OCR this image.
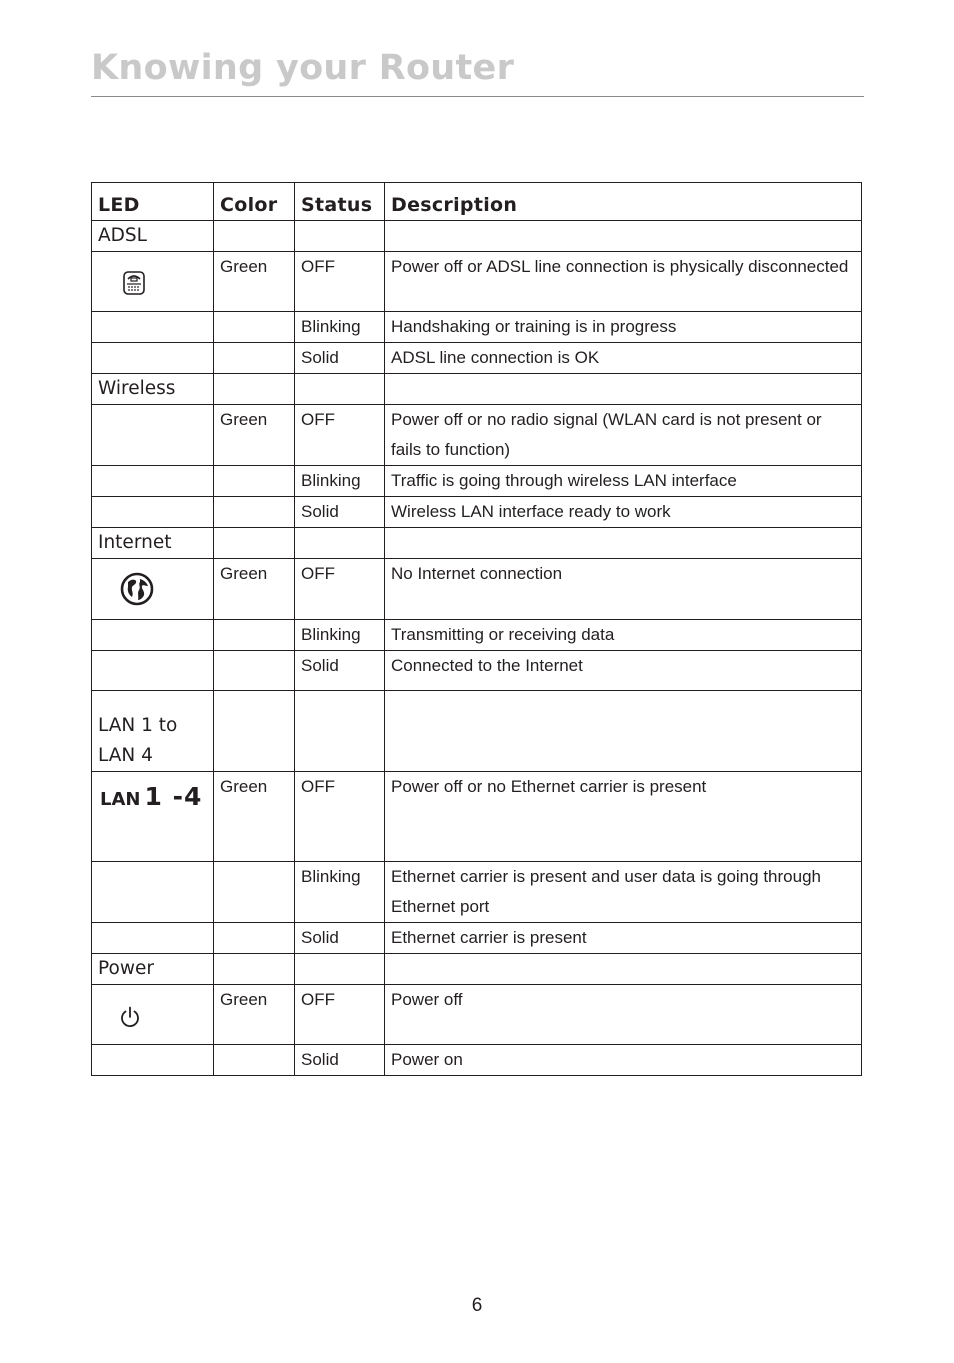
Knowing your Router
LED	Color	Status	Description
ADSL			
	Green	OFF	Power off or ADSL line connection is physically disconnected
		Blinking	Handshaking or training is in progress
		Solid	ADSL line connection is OK
Wireless			
	Green	OFF	Power off or no radio signal (WLAN card is not present or fails to function)
		Blinking	Traffic is going through wireless LAN interface
		Solid	Wireless LAN interface ready to work
Internet			
	Green	OFF	No Internet connection
		Blinking	Transmitting or receiving data
		Solid	Connected to the Internet
LAN 1 to LAN 4			
LAN 1 -4	Green	OFF	Power off or no Ethernet carrier is present
		Blinking	Ethernet carrier is present and user data is going through Ethernet port
		Solid	Ethernet carrier is present
Power			
	Green	OFF	Power off
		Solid	Power on
6
